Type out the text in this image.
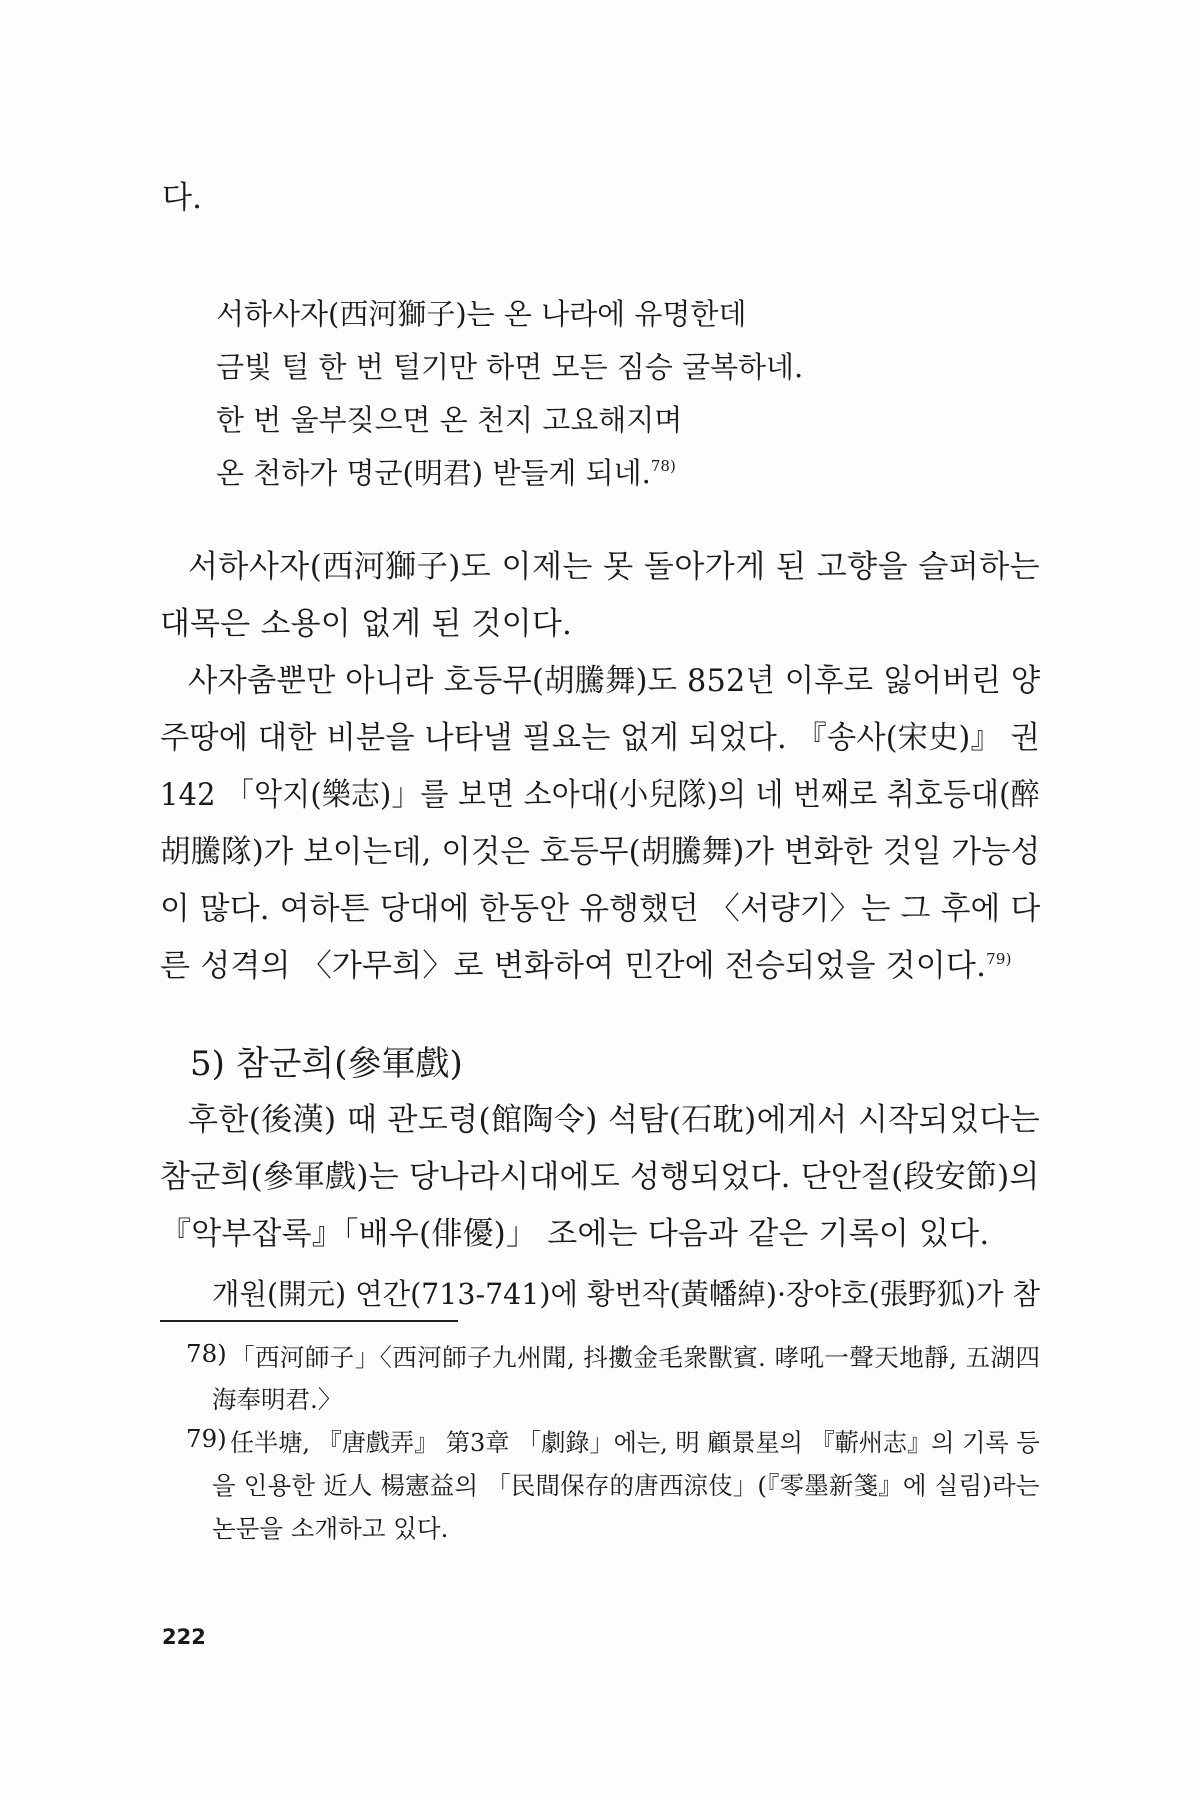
다.

서하사자(西河獅子)는 온 나라에 유명한데

금빛 털 한 번 털기만 하면 모든 짐승 굴복하네.

한 번 울부짖으면 온 천지 고요해지며

온 천하가 명군(明君) 받들게 되네.$^{78)}$

서하사자(西河獅子)도 이제는 못 돌아가게 된 고향을 슬퍼하는

대목은 소용이 없게 된 것이다.

사자춤뿐만 아니라 호등무(胡騰舞)도 852년 이후로 잃어버린 양

주땅에 대한 비분을 나타낼 필요는 없게 되었다. 『송사(宋史)』 권

142 「악지(樂志)」를 보면 소아대(小兒隊)의 네 번째로 취호등대(醉

胡騰隊)가 보이는데, 이것은 호등무(胡騰舞)가 변화한 것일 가능성

이 많다. 여하튼 당대에 한동안 유행했던 〈서량기〉는 그 후에 다

른 성격의 〈가무희〉로 변화하여 민간에 전승되었을 것이다.$^{79)}$

5) 참군희(參軍戲)

후한(後漢) 때 관도령(館陶令) 석탐(石耽)에게서 시작되었다는

참군희(參軍戲)는 당나라시대에도 성행되었다. 단안절(段安節)의

『악부잡록』「배우(俳優)」 조에는 다음과 같은 기록이 있다.

개원(開元) 연간(713-741)에 황번작(黃幡綽)·장야호(張野狐)가 참

78) 「西河師子」〈西河師子九州聞, 抖擻金毛衆獸賓. 哮吼一聲天地靜, 五湖四

海奉明君.〉

79) 任半塘, 『唐戲弄』 第3章 「劇錄」에는, 明 顧景星의 『蘄州志』의 기록 등

을 인용한 近人 楊憲益의 「民間保存的唐西涼伎」(『零墨新箋』에 실림)라는

논문을 소개하고 있다.

222
